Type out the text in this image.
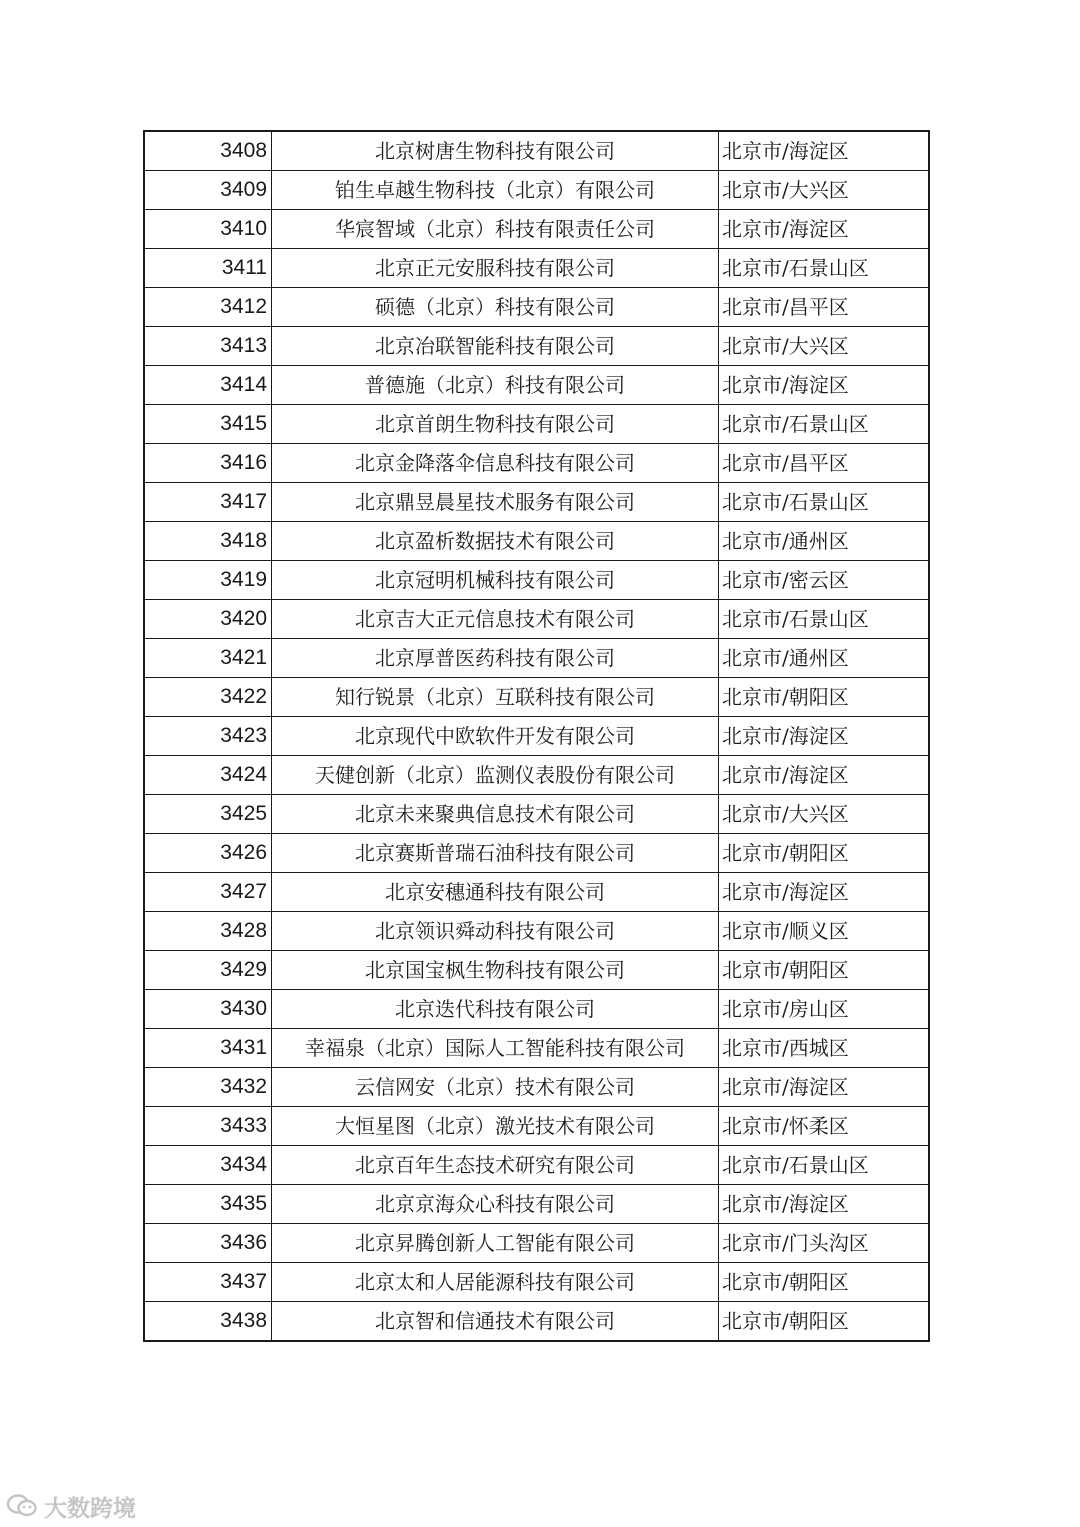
3408	北京树唐生物科技有限公司	北京市/海淀区
3409	铂生卓越生物科技（北京）有限公司	北京市/大兴区
3410	华宸智域（北京）科技有限责任公司	北京市/海淀区
3411	北京正元安服科技有限公司	北京市/石景山区
3412	硕德（北京）科技有限公司	北京市/昌平区
3413	北京冶联智能科技有限公司	北京市/大兴区
3414	普德施（北京）科技有限公司	北京市/海淀区
3415	北京首朗生物科技有限公司	北京市/石景山区
3416	北京金降落伞信息科技有限公司	北京市/昌平区
3417	北京鼎昱晨星技术服务有限公司	北京市/石景山区
3418	北京盈析数据技术有限公司	北京市/通州区
3419	北京冠明机械科技有限公司	北京市/密云区
3420	北京吉大正元信息技术有限公司	北京市/石景山区
3421	北京厚普医药科技有限公司	北京市/通州区
3422	知行锐景（北京）互联科技有限公司	北京市/朝阳区
3423	北京现代中欧软件开发有限公司	北京市/海淀区
3424	天健创新（北京）监测仪表股份有限公司	北京市/海淀区
3425	北京未来聚典信息技术有限公司	北京市/大兴区
3426	北京赛斯普瑞石油科技有限公司	北京市/朝阳区
3427	北京安穗通科技有限公司	北京市/海淀区
3428	北京领识舜动科技有限公司	北京市/顺义区
3429	北京国宝枫生物科技有限公司	北京市/朝阳区
3430	北京迭代科技有限公司	北京市/房山区
3431	幸福泉（北京）国际人工智能科技有限公司	北京市/西城区
3432	云信网安（北京）技术有限公司	北京市/海淀区
3433	大恒星图（北京）激光技术有限公司	北京市/怀柔区
3434	北京百年生态技术研究有限公司	北京市/石景山区
3435	北京京海众心科技有限公司	北京市/海淀区
3436	北京昇腾创新人工智能有限公司	北京市/门头沟区
3437	北京太和人居能源科技有限公司	北京市/朝阳区
3438	北京智和信通技术有限公司	北京市/朝阳区
大数跨境
